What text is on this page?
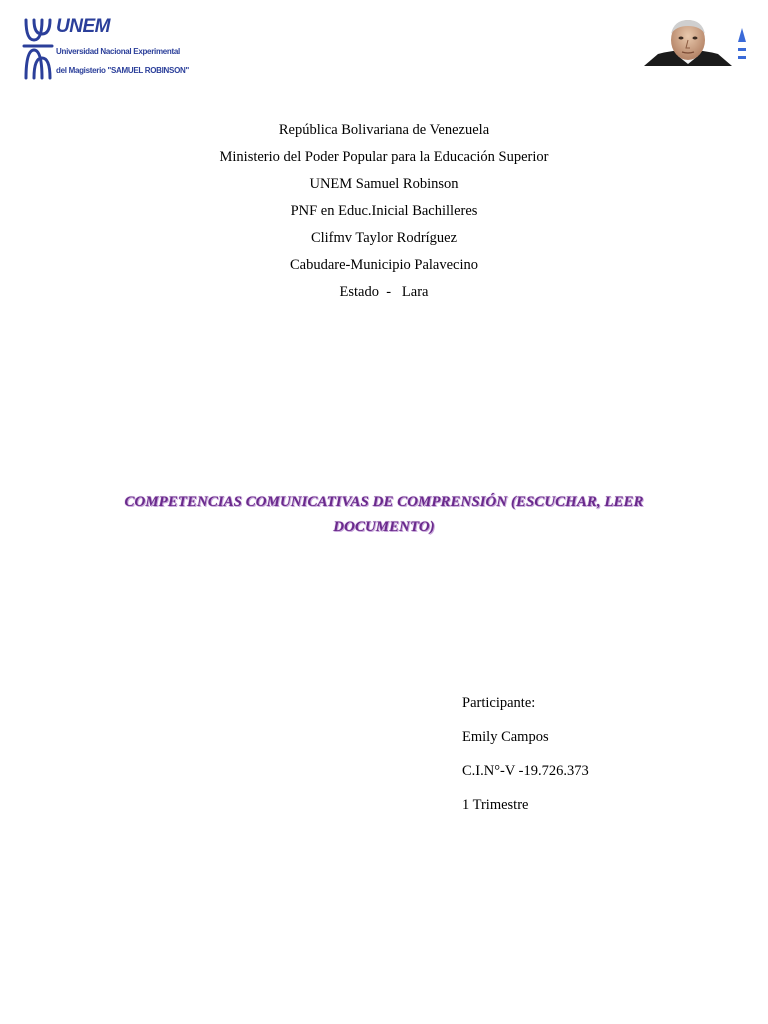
UNEM
Universidad Nacional Experimental
del Magisterio "SAMUEL ROBINSON"
República Bolivariana de Venezuela
Ministerio del Poder Popular para la Educación Superior
UNEM Samuel Robinson
PNF en Educ.Inicial Bachilleres
Clifmv Taylor Rodríguez
Cabudare-Municipio Palavecino
Estado  -   Lara
COMPETENCIAS COMUNICATIVAS DE COMPRENSIÓN (ESCUCHAR, LEER
DOCUMENTO)
Participante:
Emily Campos
C.I.N°-V -19.726.373
1 Trimestre
